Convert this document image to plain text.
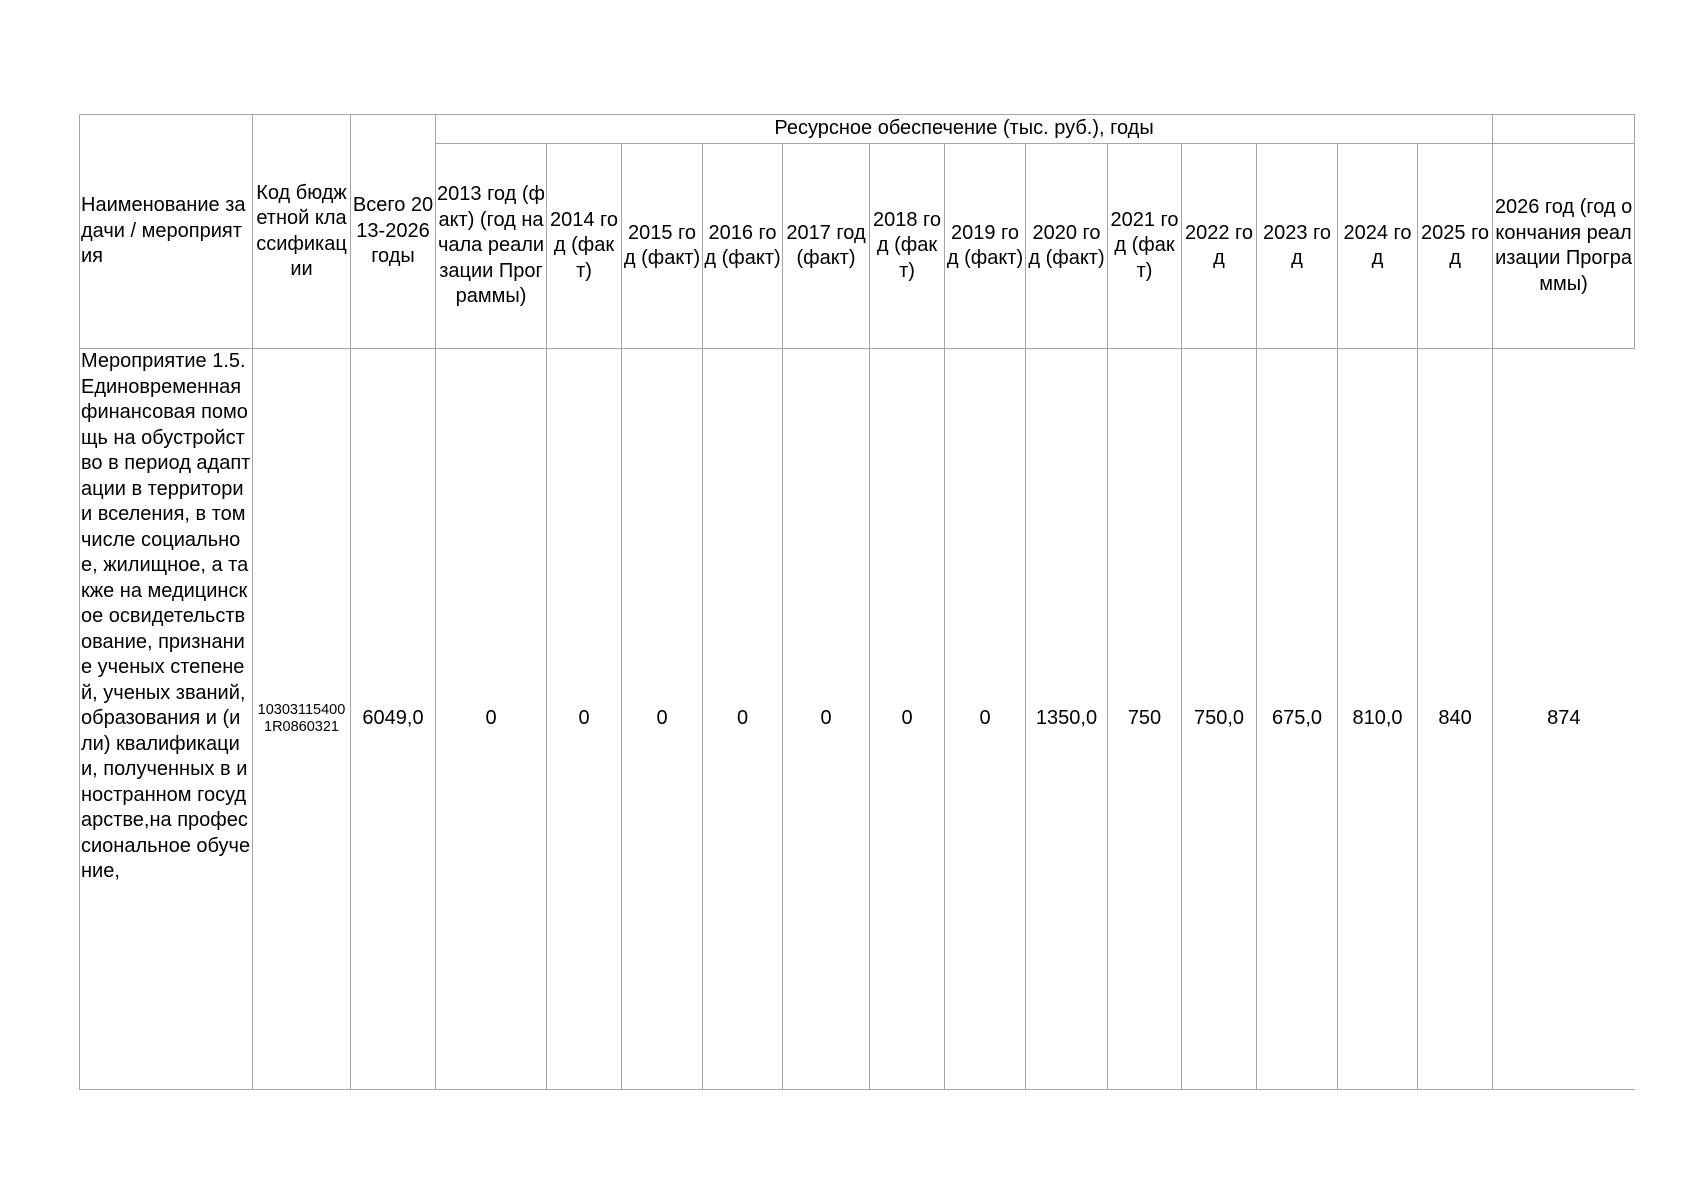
Наименование задачи / мероприятия	Код бюджетной классификации	Всего 2013-2026 годы	Ресурсное обеспечение (тыс. руб.), годы													
			2013 год (факт) (год начала реализации Программы)	2014 год (факт)	2015 год (факт)	2016 год (факт)	2017 год (факт)	2018 год (факт)	2019 год (факт)	2020 год (факт)	2021 год (факт)	2022 год	2023 год	2024 год	2025 год	2026 год (год окончания реализации Программы)
Мероприятие 1.5. Единовременная финансовая помощь на обустройство в период адаптации в территории вселения, в том числе социальное, жилищное, а также на медицинское освидетельствование, признание ученых степеней, ученых званий, образования и (или) квалификации, полученных в иностранном государстве,на профессиональное обучение,	103031154001R0860321	6049,0	0	0	0	0	0	0	0	1350,0	750	750,0	675,0	810,0	840	874
